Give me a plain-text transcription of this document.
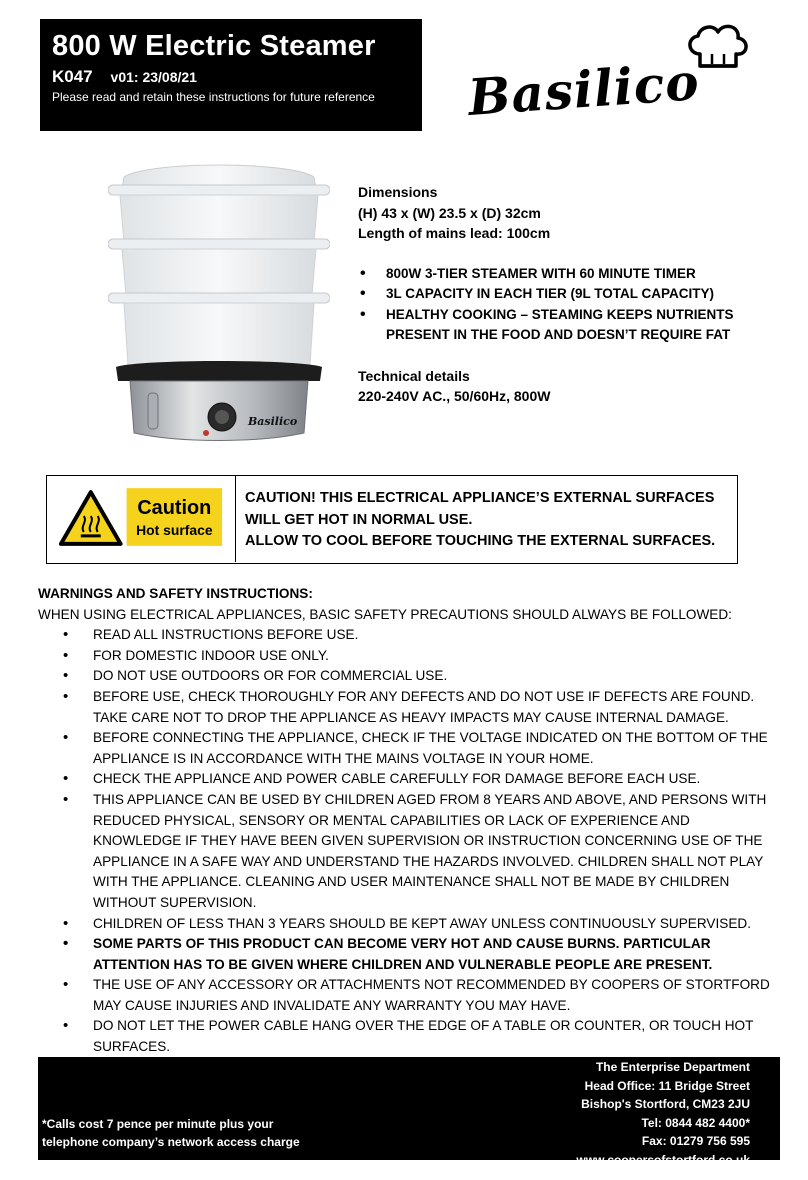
800 W Electric Steamer
K047 v01: 23/08/21
Please read and retain these instructions for future reference	Basilico
Basilico
Dimensions
(H) 43 x (W) 23.5 x (D) 32cm
Length of mains lead: 100cm
• 800W 3-TIER STEAMER WITH 60 MINUTE TIMER
• 3L CAPACITY IN EACH TIER (9L TOTAL CAPACITY)
• HEALTHY COOKING – STEAMING KEEPS NUTRIENTS PRESENT IN THE FOOD AND DOESN’T REQUIRE FAT
Technical details
220-240V AC., 50/60Hz, 800W
Caution
Hot surface
CAUTION! THIS ELECTRICAL APPLIANCE’S EXTERNAL SURFACES
WILL GET HOT IN NORMAL USE.
ALLOW TO COOL BEFORE TOUCHING THE EXTERNAL SURFACES.
WARNINGS AND SAFETY INSTRUCTIONS:
WHEN USING ELECTRICAL APPLIANCES, BASIC SAFETY PRECAUTIONS SHOULD ALWAYS BE FOLLOWED:
• READ ALL INSTRUCTIONS BEFORE USE.
• FOR DOMESTIC INDOOR USE ONLY.
• DO NOT USE OUTDOORS OR FOR COMMERCIAL USE.
• BEFORE USE, CHECK THOROUGHLY FOR ANY DEFECTS AND DO NOT USE IF DEFECTS ARE FOUND. TAKE CARE NOT TO DROP THE APPLIANCE AS HEAVY IMPACTS MAY CAUSE INTERNAL DAMAGE.
• BEFORE CONNECTING THE APPLIANCE, CHECK IF THE VOLTAGE INDICATED ON THE BOTTOM OF THE APPLIANCE IS IN ACCORDANCE WITH THE MAINS VOLTAGE IN YOUR HOME.
• CHECK THE APPLIANCE AND POWER CABLE CAREFULLY FOR DAMAGE BEFORE EACH USE.
• THIS APPLIANCE CAN BE USED BY CHILDREN AGED FROM 8 YEARS AND ABOVE, AND PERSONS WITH REDUCED PHYSICAL, SENSORY OR MENTAL CAPABILITIES OR LACK OF EXPERIENCE AND KNOWLEDGE IF THEY HAVE BEEN GIVEN SUPERVISION OR INSTRUCTION CONCERNING USE OF THE APPLIANCE IN A SAFE WAY AND UNDERSTAND THE HAZARDS INVOLVED. CHILDREN SHALL NOT PLAY WITH THE APPLIANCE. CLEANING AND USER MAINTENANCE SHALL NOT BE MADE BY CHILDREN WITHOUT SUPERVISION.
• CHILDREN OF LESS THAN 3 YEARS SHOULD BE KEPT AWAY UNLESS CONTINUOUSLY SUPERVISED.
• SOME PARTS OF THIS PRODUCT CAN BECOME VERY HOT AND CAUSE BURNS. PARTICULAR ATTENTION HAS TO BE GIVEN WHERE CHILDREN AND VULNERABLE PEOPLE ARE PRESENT.
• THE USE OF ANY ACCESSORY OR ATTACHMENTS NOT RECOMMENDED BY COOPERS OF STORTFORD MAY CAUSE INJURIES AND INVALIDATE ANY WARRANTY YOU MAY HAVE.
• DO NOT LET THE POWER CABLE HANG OVER THE EDGE OF A TABLE OR COUNTER, OR TOUCH HOT SURFACES.
*Calls cost 7 pence per minute plus your
telephone company’s network access charge
The Enterprise Department
Head Office: 11 Bridge Street
Bishop's Stortford, CM23 2JU
Tel: 0844 482 4400*
Fax: 01279 756 595
www.coopersofstortford.co.uk
